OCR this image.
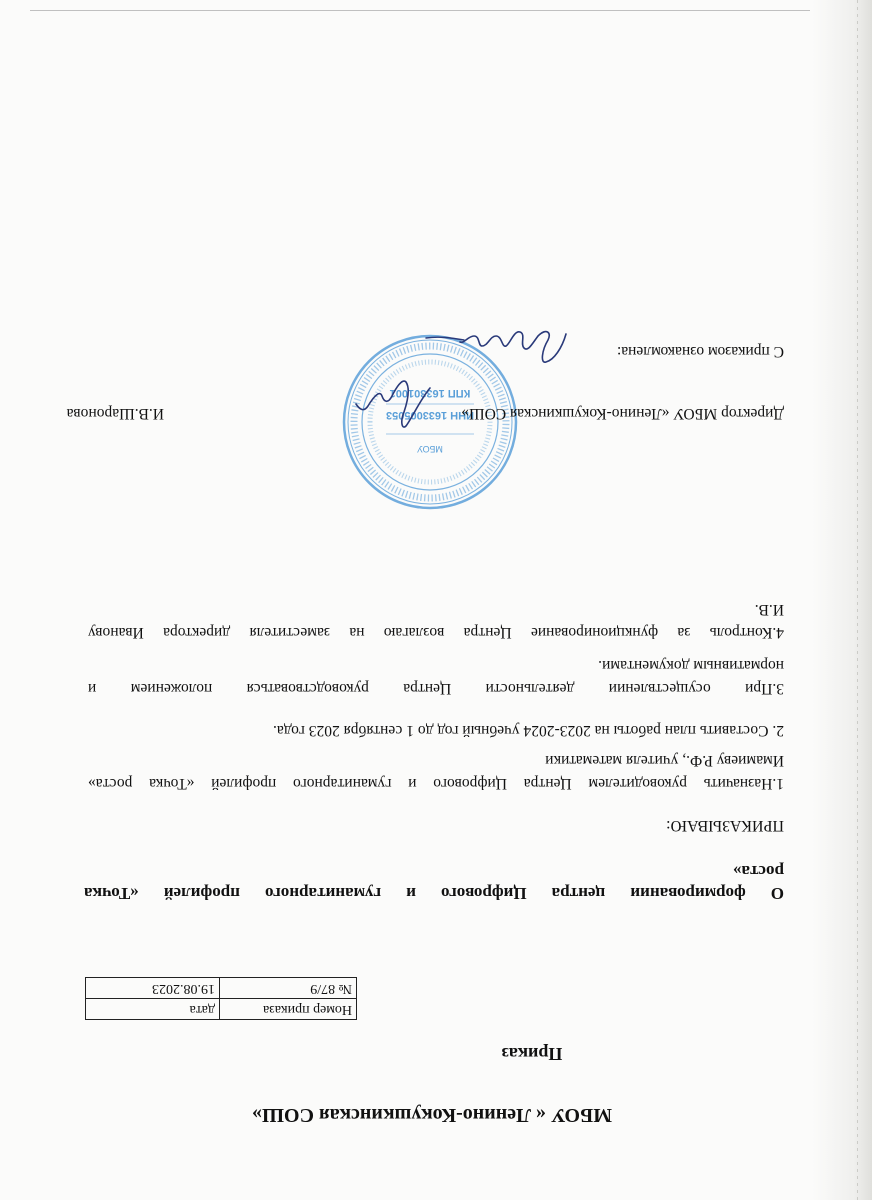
МБОУ « Ленино-Кокушкинская СОШ»
Приказ
Номер приказа	дата
№ 87/9	19.08.2023
О формировании центра Цифрового и гуманитарного профилей «Точка
роста»
ПРИКАЗЫВАЮ:
1.Назначить руководителем Центра Цифрового и гуманитарного профилей «Точка роста»
Имамиеву Р.Ф., учителя математики
2. Составить план работы на 2023-2024 учебный год до 1 сентября 2023 года.
3.При осуществлении деятельности Центра руководствоваться положением и
нормативным документами.
4.Контроль за функционирование Центра возлагаю на заместителя директора Иванову
И.В.
МБОУ
ИНН 1633005053
КПП 163301001
Директор МБОУ «Ленино-Кокушкинская СОШ»
И.В.Шаронова
С приказом ознакомлена:
